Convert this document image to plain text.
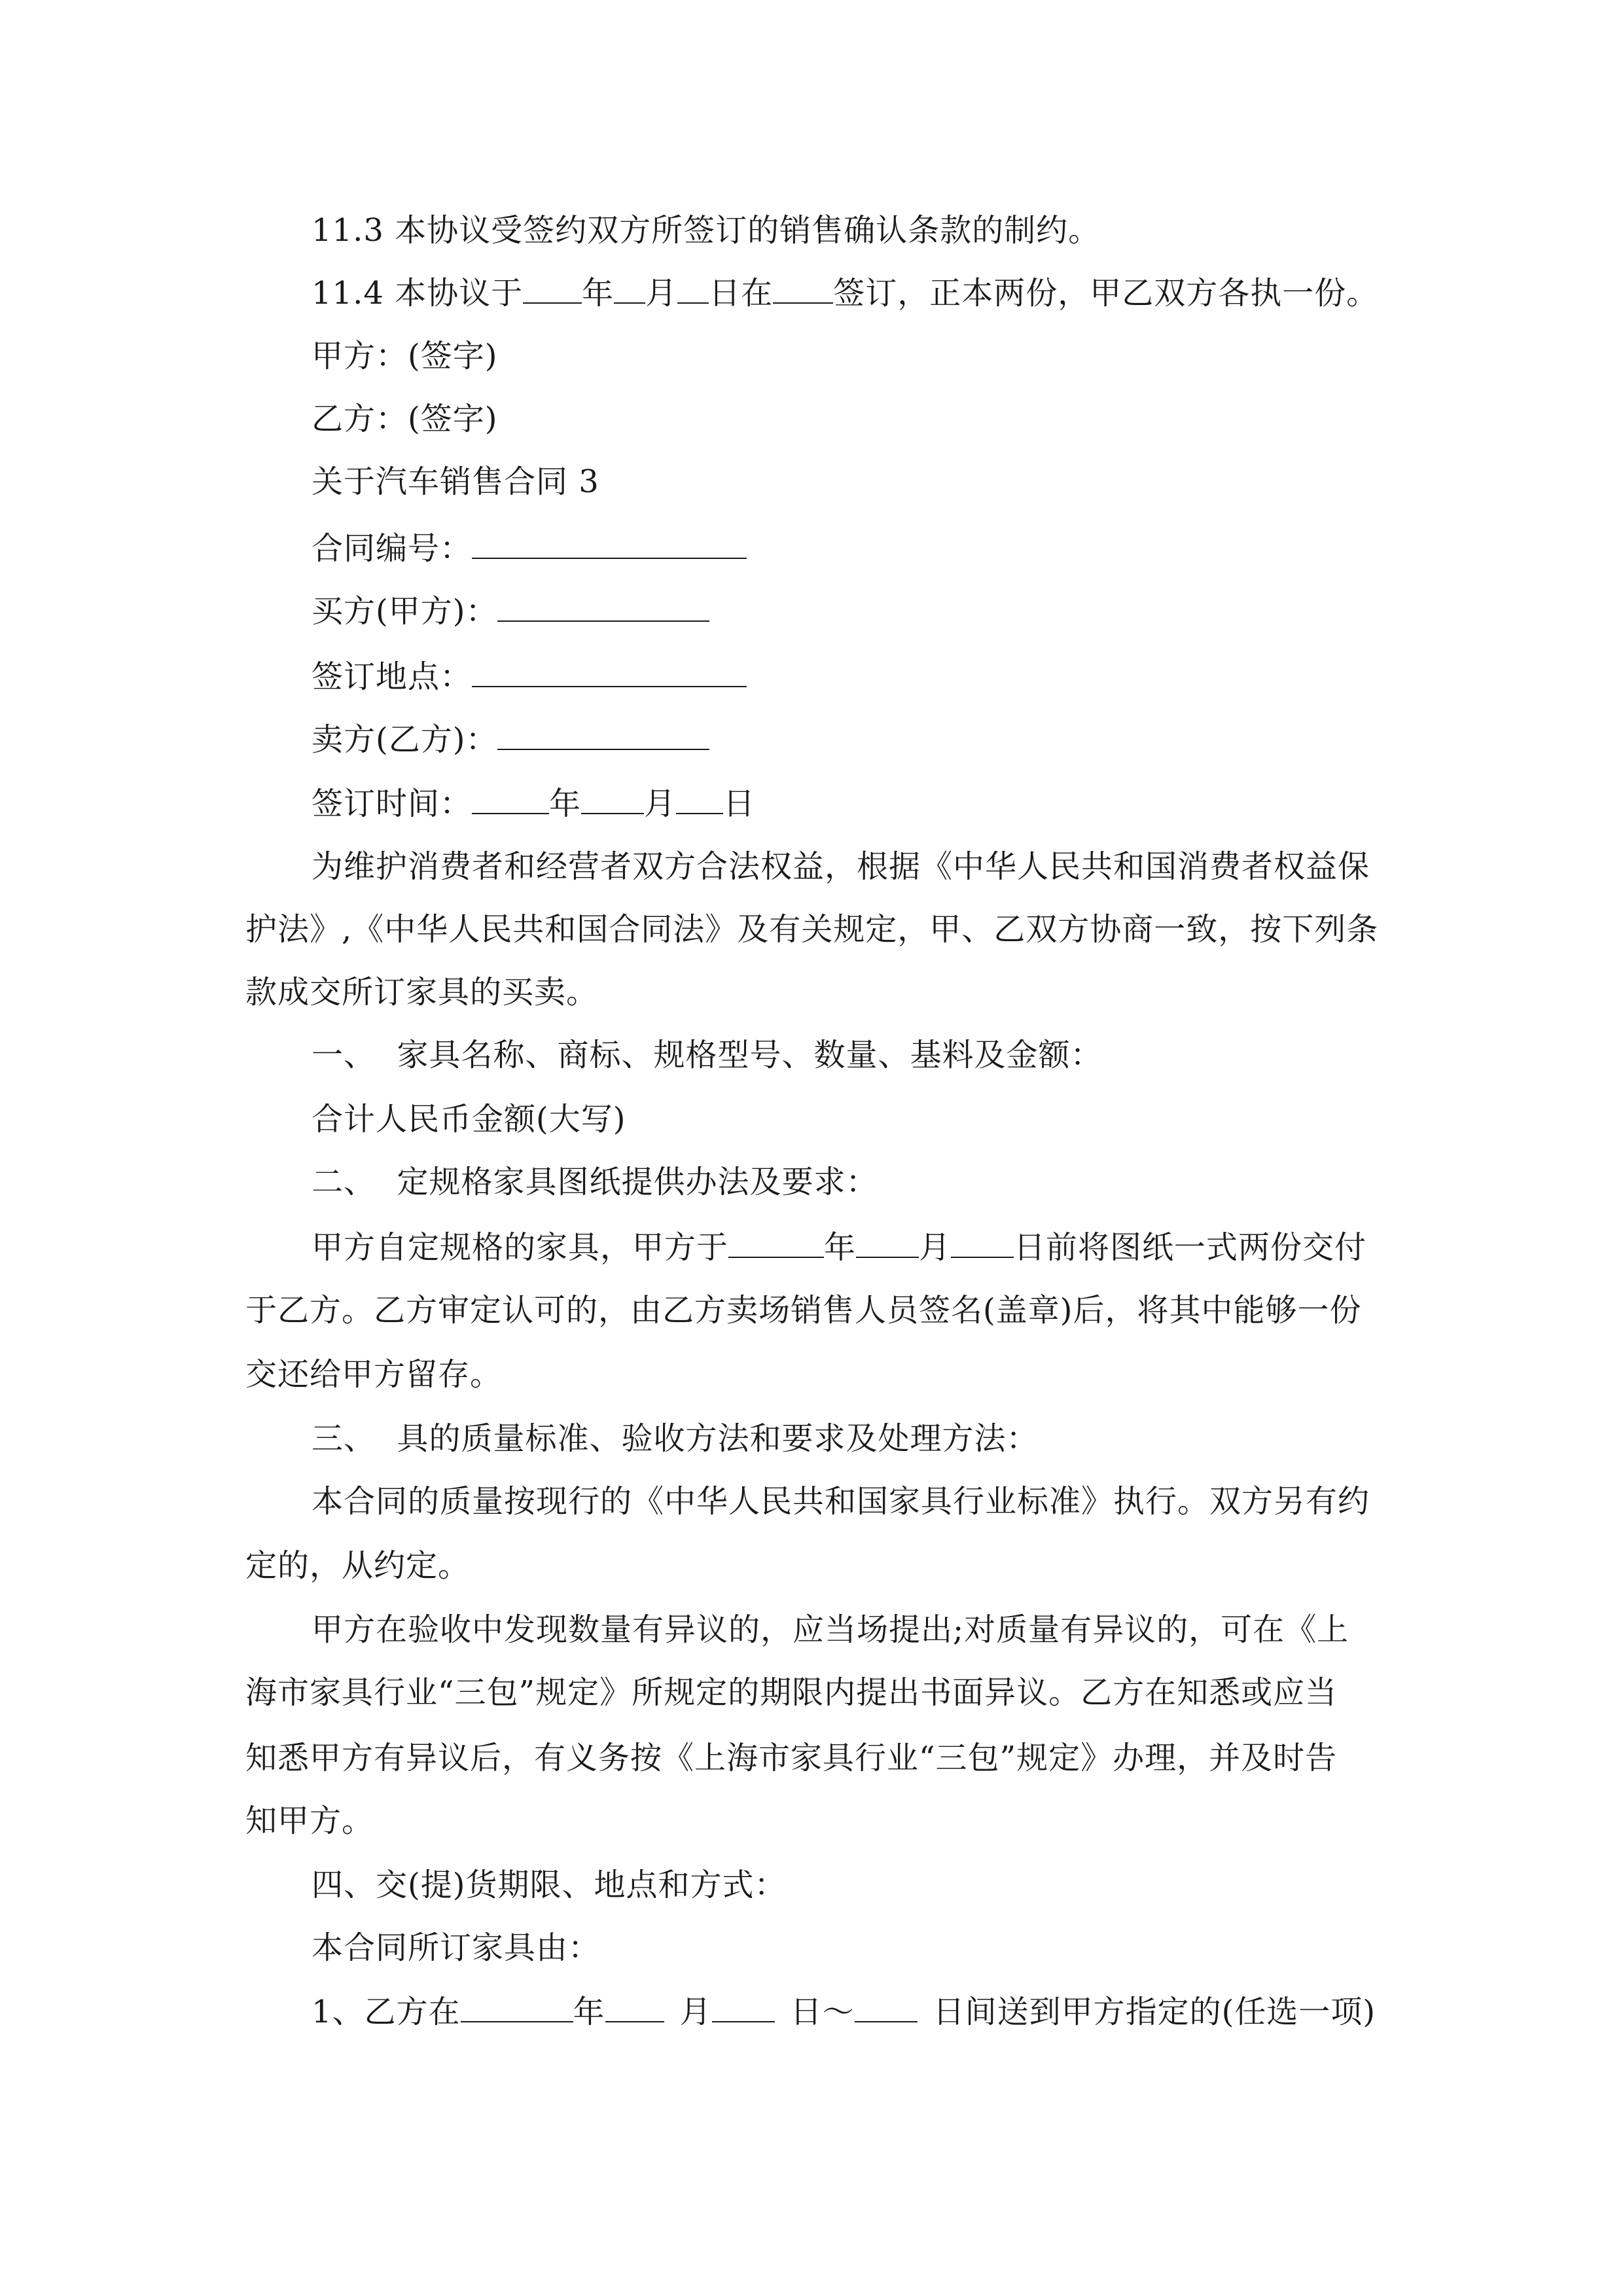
11.3 本协议受签约双方所签订的销售确认条款的制约。
11.4 本协议于 年 月 日在 签订，正本两份，甲乙双方各执一份。
甲方：(签字)
乙方：(签字)
关于汽车销售合同 3
合同编号：
买方(甲方)：
签订地点：
卖方(乙方)：
签订时间： 年 月 日
为维护消费者和经营者双方合法权益，根据《中华人民共和国消费者权益保
护法》,《中华人民共和国合同法》及有关规定，甲、乙双方协商一致，按下列条
款成交所订家具的买卖。
一、  家具名称、商标、规格型号、数量、基料及金额：
合计人民币金额(大写)
二、  定规格家具图纸提供办法及要求：
甲方自定规格的家具，甲方于	年 月 日前将图纸一式两份交付
于乙方。乙方审定认可的，由乙方卖场销售人员签名(盖章)后，将其中能够一份
交还给甲方留存。
三、  具的质量标准、验收方法和要求及处理方法：
本合同的质量按现行的《中华人民共和国家具行业标准》执行。双方另有约
定的，从约定。
甲方在验收中发现数量有异议的，应当场提出;对质量有异议的，可在《上
海市家具行业“三包”规定》所规定的期限内提出书面异议。乙方在知悉或应当
知悉甲方有异议后，有义务按《上海市家具行业“三包”规定》办理，并及时告
知甲方。
四、交(提)货期限、地点和方式：
本合同所订家具由：
1、乙方在	年 月	日～	日间送到甲方指定的(任选一项)
